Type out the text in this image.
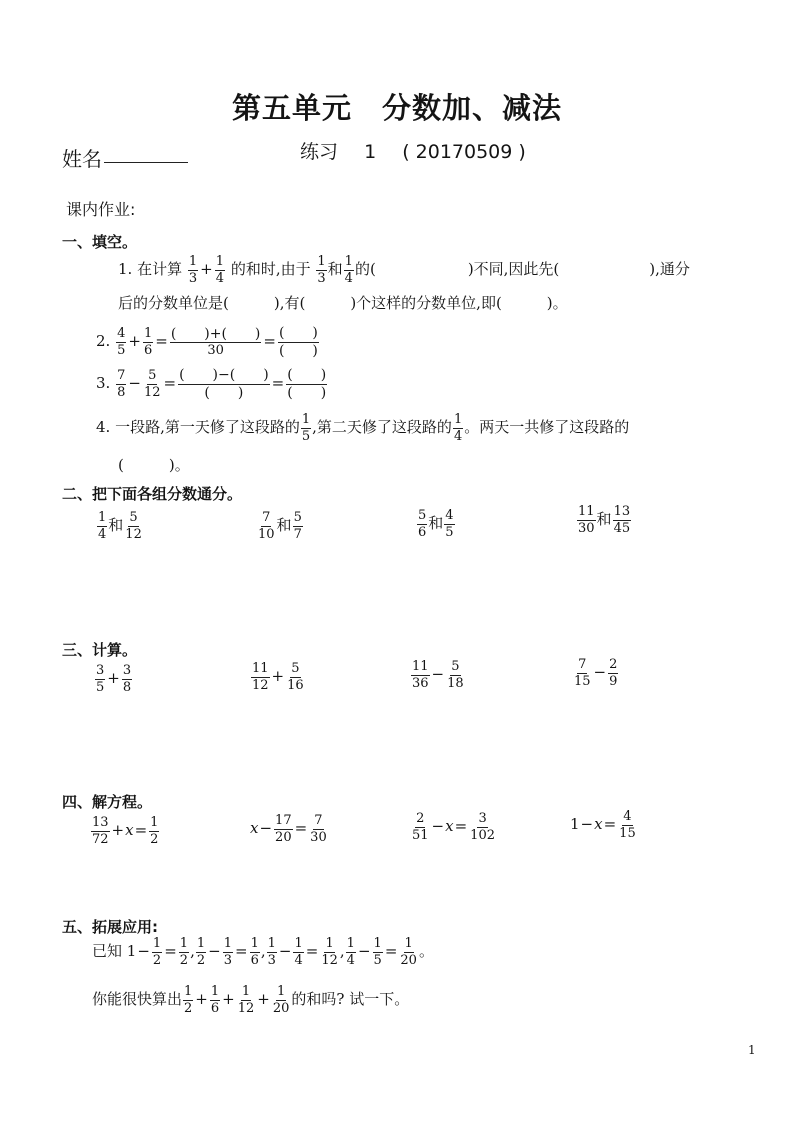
第五单元　分数加、减法
姓名	练习 1 ( 20170509 )
课内作业:
一、填空。
1. 在计算 $\frac{1}{3} + \frac{1}{4}$ 的和时,由于 $\frac{1}{3}$ 和 $\frac{1}{4}$ 的(	)不同,因此先(	),通分
后的分数单位是(　　　),有(　　　)个这样的分数单位,即(　　　)。
2. $\frac{4}{5} + \frac{1}{6} = \frac{( )+( )}{30} = \frac{( )}{( )}$
3. $\frac{7}{8} - \frac{5}{12} = \frac{( )-( )}{( )} = \frac{( )}{( )}$
4. 一段路,第一天修了这段路的 $\frac{1}{5}$ ,第二天修了这段路的 $\frac{1}{4}$ 。两天一共修了这段路的
(　　　)。
二、把下面各组分数通分。
$\frac{1}{4}$ 和 $\frac{5}{12}$	$\frac{7}{10}$ 和 $\frac{5}{7}$	$\frac{5}{6}$ 和 $\frac{4}{5}$	$\frac{11}{30}$ 和 $\frac{13}{45}$
三、计算。
$\frac{3}{5} + \frac{3}{8}$	$\frac{11}{12} + \frac{5}{16}$	$\frac{11}{36} - \frac{5}{18}$	$\frac{7}{15} - \frac{2}{9}$
四、解方程。
$\frac{13}{72} +x= \frac{1}{2}$	$x- \frac{17}{20} = \frac{7}{30}$	$\frac{2}{51} -x= \frac{3}{102}$	$1-x= \frac{4}{15}$
五、拓展应用:
已知 $1- \frac{1}{2} = \frac{1}{2}$ , $\frac{1}{2} - \frac{1}{3} = \frac{1}{6}$ , $\frac{1}{3} - \frac{1}{4} = \frac{1}{12}$ , $\frac{1}{4} - \frac{1}{5} = \frac{1}{20}$ 。
你能很快算出 $\frac{1}{2} + \frac{1}{6} + \frac{1}{12} + \frac{1}{20}$ 的和吗? 试一下。
1
